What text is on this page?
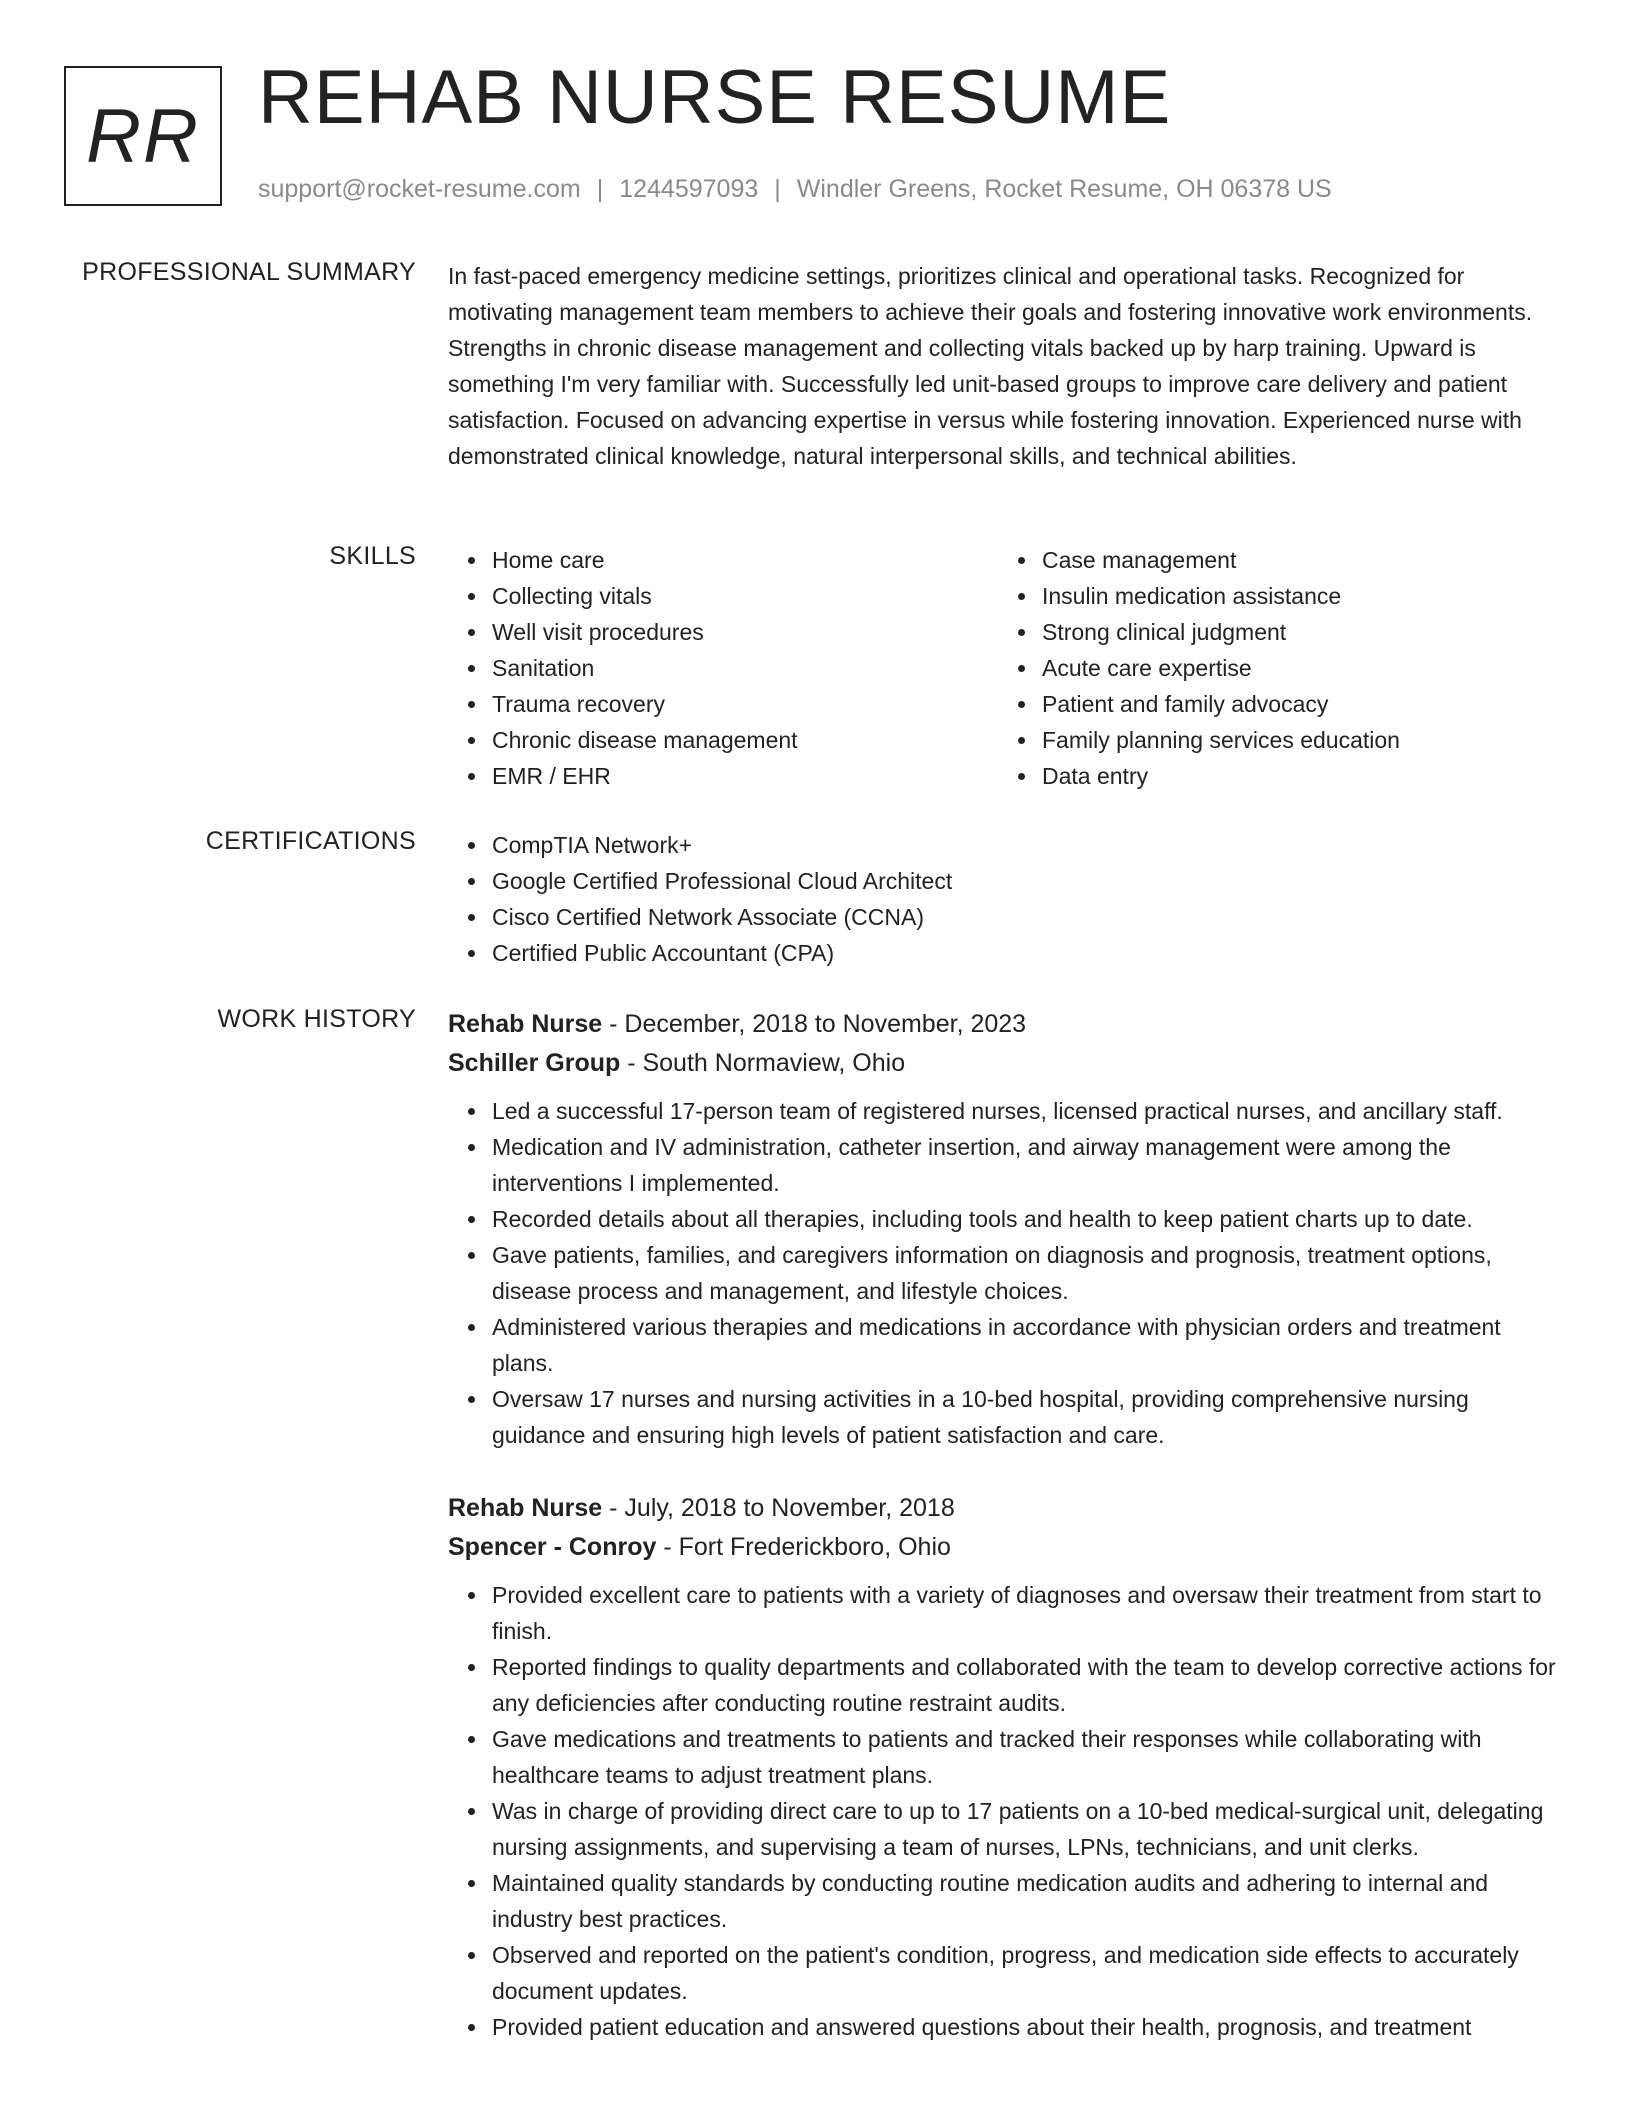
RR REHAB NURSE RESUME
support@rocket-resume.com | 1244597093 | Windler Greens, Rocket Resume, OH 06378 US
PROFESSIONAL SUMMARY In fast-paced emergency medicine settings, prioritizes clinical and operational tasks. Recognized for motivating management team members to achieve their goals and fostering innovative work environments. Strengths in chronic disease management and collecting vitals backed up by harp training. Upward is something I'm very familiar with. Successfully led unit-based groups to improve care delivery and patient satisfaction. Focused on advancing expertise in versus while fostering innovation. Experienced nurse with demonstrated clinical knowledge, natural interpersonal skills, and technical abilities.

SKILLS	Home care
Collecting vitals
Well visit procedures
Sanitation
Trauma recovery
Chronic disease management
EMR / EHR
Case management
Insulin medication assistance
Strong clinical judgment
Acute care expertise
Patient and family advocacy
Family planning services education
Data entry
CERTIFICATIONS	CompTIA Network+
Google Certified Professional Cloud Architect
Cisco Certified Network Associate (CCNA)
Certified Public Accountant (CPA)
WORK HISTORY Rehab Nurse - December, 2018 to November, 2023
Schiller Group - South Normaview, Ohio
Led a successful 17-person team of registered nurses, licensed practical nurses, and ancillary staff.
Medication and IV administration, catheter insertion, and airway management were among the interventions I implemented.
Recorded details about all therapies, including tools and health to keep patient charts up to date.
Gave patients, families, and caregivers information on diagnosis and prognosis, treatment options, disease process and management, and lifestyle choices.
Administered various therapies and medications in accordance with physician orders and treatment plans.
Oversaw 17 nurses and nursing activities in a 10-bed hospital, providing comprehensive nursing guidance and ensuring high levels of patient satisfaction and care.
Rehab Nurse - July, 2018 to November, 2018
Spencer - Conroy - Fort Frederickboro, Ohio
Provided excellent care to patients with a variety of diagnoses and oversaw their treatment from start to finish.
Reported findings to quality departments and collaborated with the team to develop corrective actions for any deficiencies after conducting routine restraint audits.
Gave medications and treatments to patients and tracked their responses while collaborating with healthcare teams to adjust treatment plans.
Was in charge of providing direct care to up to 17 patients on a 10-bed medical-surgical unit, delegating nursing assignments, and supervising a team of nurses, LPNs, technicians, and unit clerks.
Maintained quality standards by conducting routine medication audits and adhering to internal and industry best practices.
Observed and reported on the patient's condition, progress, and medication side effects to accurately document updates.
Provided patient education and answered questions about their health, prognosis, and treatment
